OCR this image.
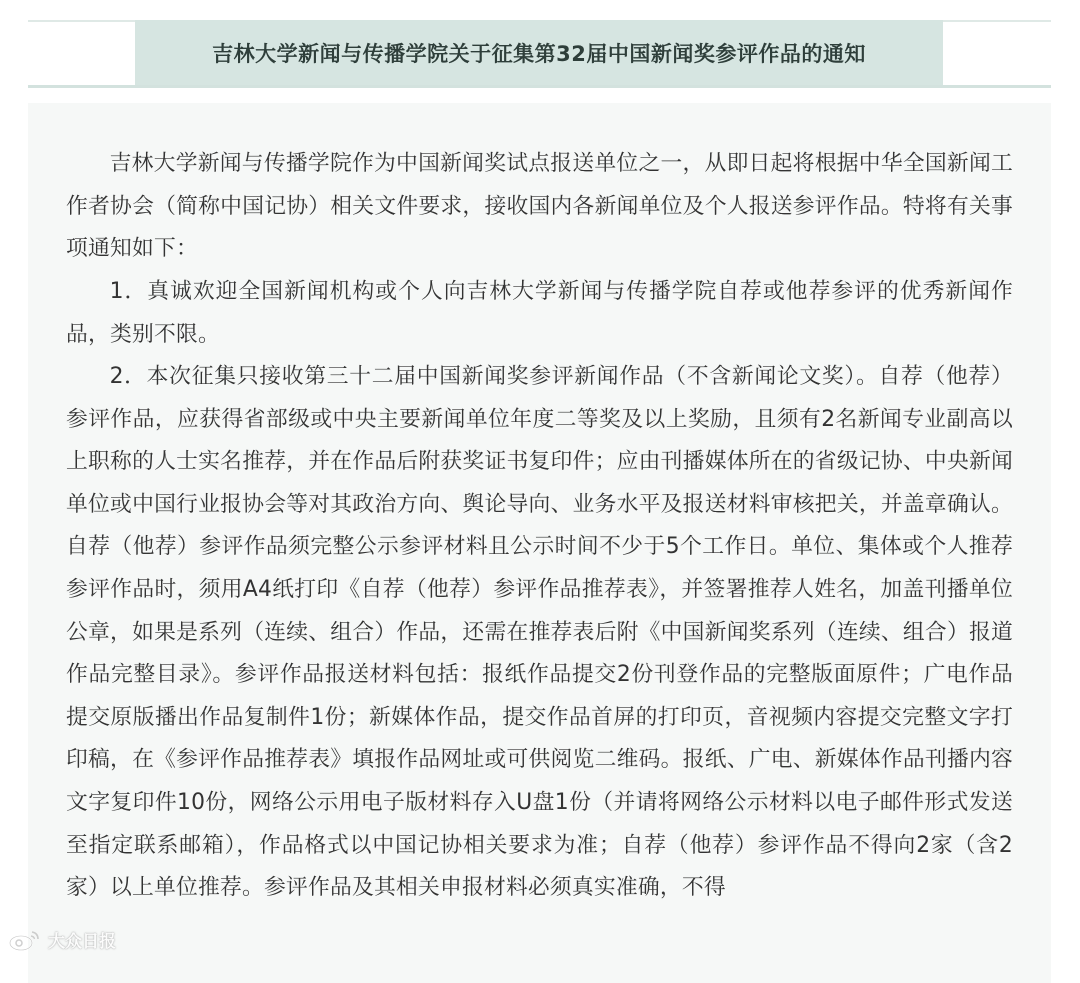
吉林大学新闻与传播学院关于征集第32届中国新闻奖参评作品的通知

吉林大学新闻与传播学院作为中国新闻奖试点报送单位之一，从即日起将根据中华全国新闻工作者协会（简称中国记协）相关文件要求，接收国内各新闻单位及个人报送参评作品。特将有关事项通知如下：

1．真诚欢迎全国新闻机构或个人向吉林大学新闻与传播学院自荐或他荐参评的优秀新闻作品，类别不限。

2．本次征集只接收第三十二届中国新闻奖参评新闻作品（不含新闻论文奖）。自荐（他荐）参评作品，应获得省部级或中央主要新闻单位年度二等奖及以上奖励，且须有2名新闻专业副高以上职称的人士实名推荐，并在作品后附获奖证书复印件；应由刊播媒体所在的省级记协、中央新闻单位或中国行业报协会等对其政治方向、舆论导向、业务水平及报送材料审核把关，并盖章确认。自荐（他荐）参评作品须完整公示参评材料且公示时间不少于5个工作日。单位、集体或个人推荐参评作品时，须用A4纸打印《自荐（他荐）参评作品推荐表》，并签署推荐人姓名，加盖刊播单位公章，如果是系列（连续、组合）作品，还需在推荐表后附《中国新闻奖系列（连续、组合）报道作品完整目录》。参评作品报送材料包括：报纸作品提交2份刊登作品的完整版面原件；广电作品提交原版播出作品复制件1份；新媒体作品，提交作品首屏的打印页，音视频内容提交完整文字打印稿，在《参评作品推荐表》填报作品网址或可供阅览二维码。报纸、广电、新媒体作品刊播内容文字复印件10份，网络公示用电子版材料存入U盘1份（并请将网络公示材料以电子邮件形式发送至指定联系邮箱），作品格式以中国记协相关要求为准；自荐（他荐）参评作品不得向2家（含2家）以上单位推荐。参评作品及其相关申报材料必须真实准确，不得

大众日报
